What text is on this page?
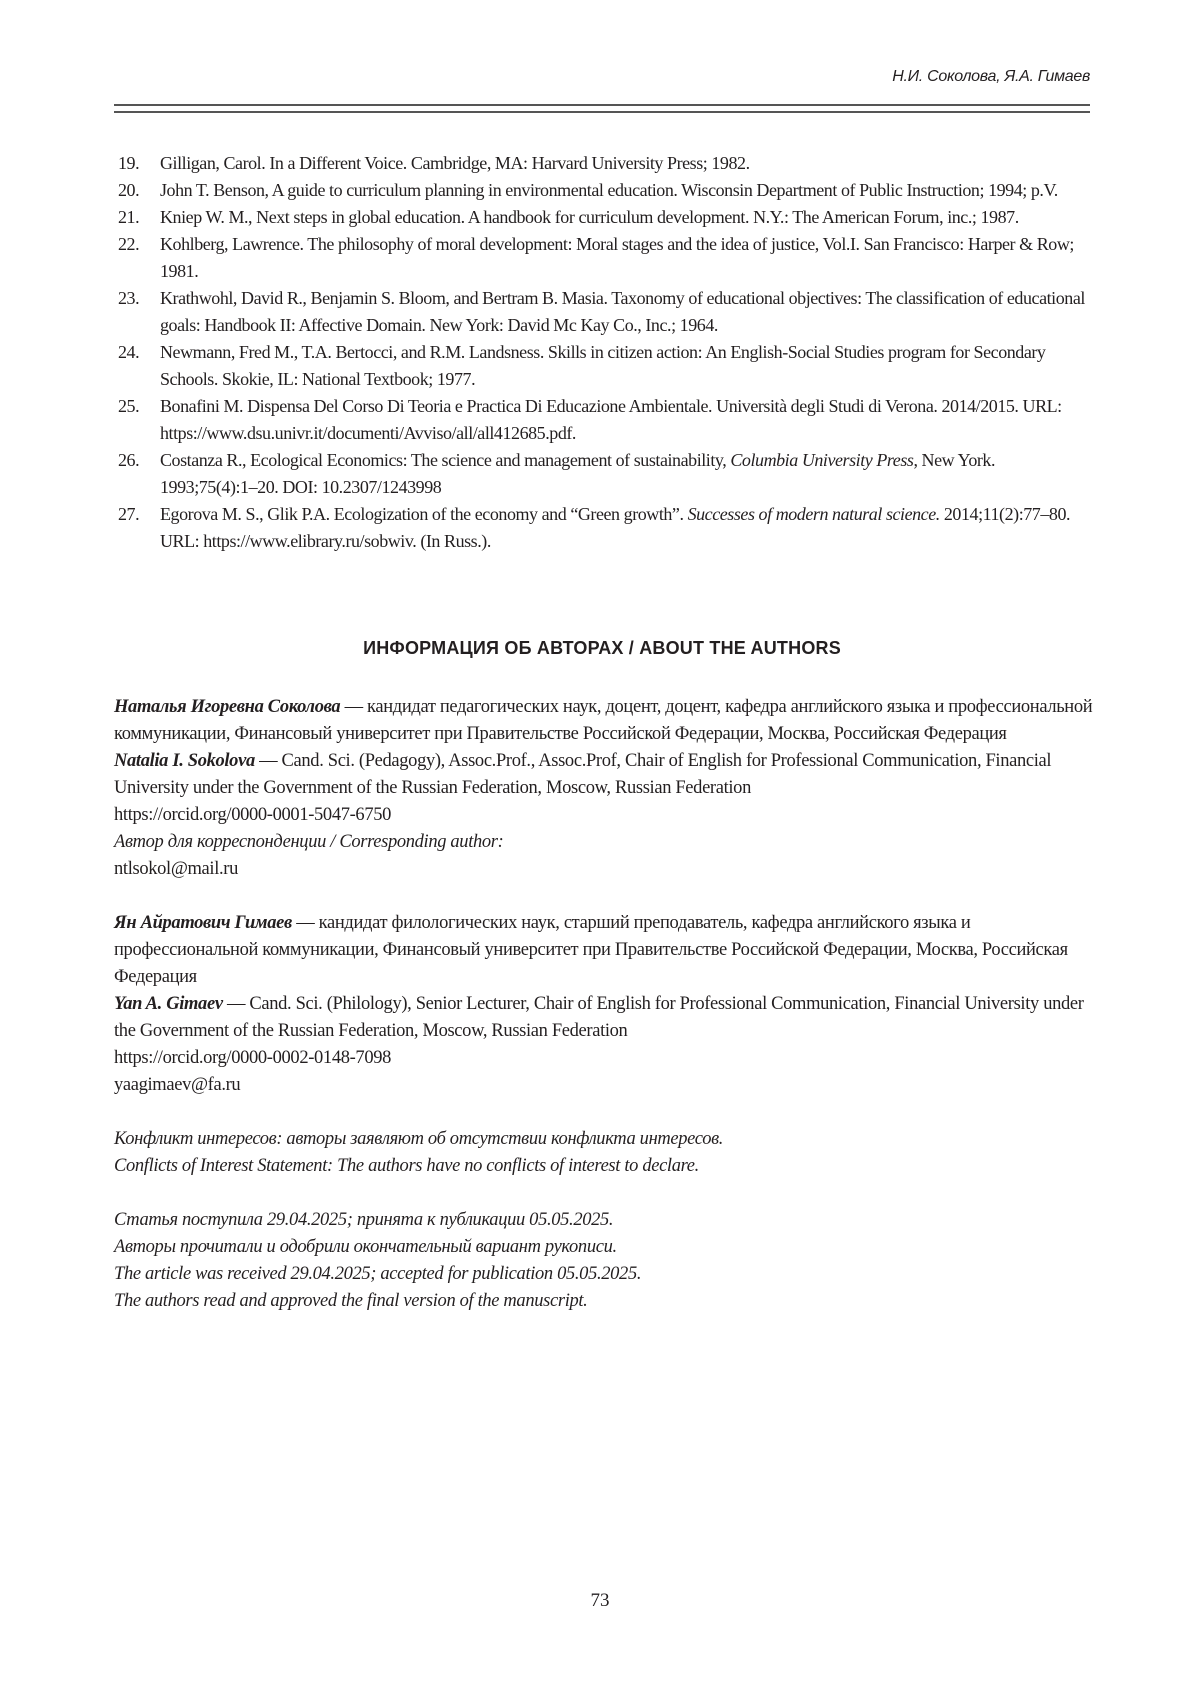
Н.И. Соколова, Я.А. Гимаев
19. Gilligan, Carol. In a Different Voice. Cambridge, MA: Harvard University Press; 1982.
20. John T. Benson, A guide to curriculum planning in environmental education. Wisconsin Department of Public Instruction; 1994; p.V.
21. Kniep W. M., Next steps in global education. A handbook for curriculum development. N.Y.: The American Forum, inc.; 1987.
22. Kohlberg, Lawrence. The philosophy of moral development: Moral stages and the idea of justice, Vol.I. San Francisco: Harper & Row; 1981.
23. Krathwohl, David R., Benjamin S. Bloom, and Bertram B. Masia. Taxonomy of educational objectives: The classification of educational goals: Handbook II: Affective Domain. New York: David Mc Kay Co., Inc.; 1964.
24. Newmann, Fred M., T.A. Bertocci, and R.M. Landsness. Skills in citizen action: An English-Social Studies program for Secondary Schools. Skokie, IL: National Textbook; 1977.
25. Bonafini M. Dispensa Del Corso Di Teoria e Practica Di Educazione Ambientale. Università degli Studi di Verona. 2014/2015. URL: https://www.dsu.univr.it/documenti/Avviso/all/all412685.pdf.
26. Costanza R., Ecological Economics: The science and management of sustainability, Columbia University Press, New York. 1993;75(4):1–20. DOI: 10.2307/1243998
27. Egorova M. S., Glik P.A. Ecologization of the economy and “Green growth”. Successes of modern natural science. 2014;11(2):77–80. URL: https://www.elibrary.ru/sobwiv. (In Russ.).
ИНФОРМАЦИЯ ОБ АВТОРАХ / ABOUT THE AUTHORS

Наталья Игоревна Соколова — кандидат педагогических наук, доцент, доцент, кафедра английского языка и профессиональной коммуникации, Финансовый университет при Правительстве Российской Федерации, Москва, Российская Федерация

Natalia I. Sokolova — Cand. Sci. (Pedagogy), Assoc.Prof., Assoc.Prof, Chair of English for Professional Communication, Financial University under the Government of the Russian Federation, Moscow, Russian Federation

https://orcid.org/0000-0001-5047-6750

Автор для корреспонденции / Corresponding author:

ntlsokol@mail.ru

Ян Айратович Гимаев — кандидат филологических наук, старший преподаватель, кафедра английского языка и профессиональной коммуникации, Финансовый университет при Правительстве Российской Федерации, Москва, Российская Федерация

Yan A. Gimaev — Cand. Sci. (Philology), Senior Lecturer, Chair of English for Professional Communication, Financial University under the Government of the Russian Federation, Moscow, Russian Federation

https://orcid.org/0000-0002-0148-7098

yaagimaev@fa.ru

Конфликт интересов: авторы заявляют об отсутствии конфликта интересов.

Conflicts of Interest Statement: The authors have no conflicts of interest to declare.

Статья поступила 29.04.2025; принята к публикации 05.05.2025.

Авторы прочитали и одобрили окончательный вариант рукописи.

The article was received 29.04.2025; accepted for publication 05.05.2025.

The authors read and approved the final version of the manuscript.

73
